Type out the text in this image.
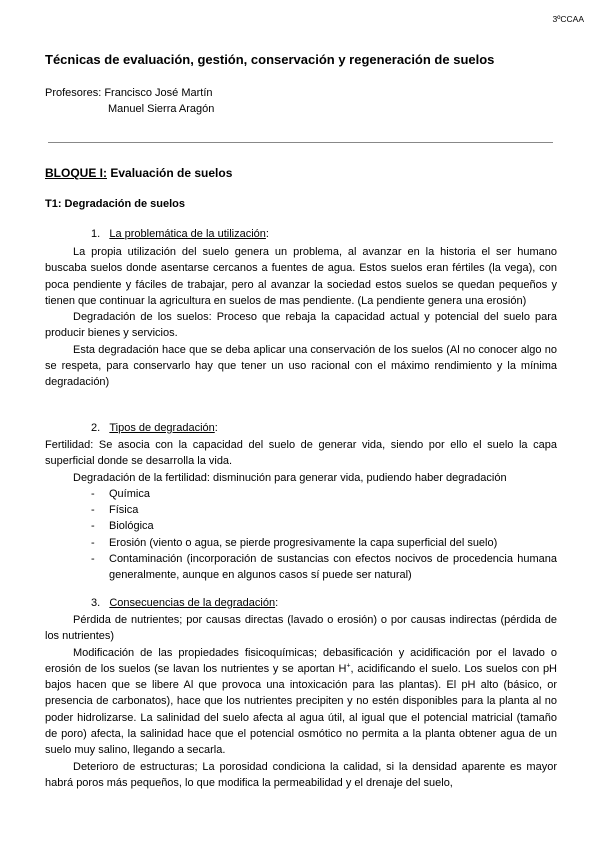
3ºCCAA
Técnicas de evaluación, gestión, conservación y regeneración de suelos
Profesores: Francisco José Martín
Manuel Sierra Aragón
BLOQUE I: Evaluación de suelos
T1: Degradación de suelos
1. La problemática de la utilización:

La propia utilización del suelo genera un problema, al avanzar en la historia el ser humano buscaba suelos donde asentarse cercanos a fuentes de agua. Estos suelos eran fértiles (la vega), con poca pendiente y fáciles de trabajar, pero al avanzar la sociedad estos suelos se quedan pequeños y tienen que continuar la agricultura en suelos de mas pendiente. (La pendiente genera una erosión)

Degradación de los suelos: Proceso que rebaja la capacidad actual y potencial del suelo para producir bienes y servicios.

Esta degradación hace que se deba aplicar una conservación de los suelos (Al no conocer algo no se respeta, para conservarlo hay que tener un uso racional con el máximo rendimiento y la mínima degradación)

2. Tipos de degradación:

Fertilidad: Se asocia con la capacidad del suelo de generar vida, siendo por ello el suelo la capa superficial donde se desarrolla la vida.

Degradación de la fertilidad: disminución para generar vida, pudiendo haber degradación

- Química
- Física
- Biológica
- Erosión (viento o agua, se pierde progresivamente la capa superficial del suelo)
- Contaminación (incorporación de sustancias con efectos nocivos de procedencia humana generalmente, aunque en algunos casos sí puede ser natural)
3. Consecuencias de la degradación:

Pérdida de nutrientes; por causas directas (lavado o erosión) o por causas indirectas (pérdida de los nutrientes)

Modificación de las propiedades fisicoquímicas; debasificación y acidificación por el lavado o erosión de los suelos (se lavan los nutrientes y se aportan H+, acidificando el suelo. Los suelos con pH bajos hacen que se libere Al que provoca una intoxicación para las plantas). El pH alto (básico, or presencia de carbonatos), hace que los nutrientes precipiten y no estén disponibles para la planta al no poder hidrolizarse. La salinidad del suelo afecta al agua útil, al igual que el potencial matricial (tamaño de poro) afecta, la salinidad hace que el potencial osmótico no permita a la planta obtener agua de un suelo muy salino, llegando a secarla.

Deterioro de estructuras; La porosidad condiciona la calidad, si la densidad aparente es mayor habrá poros más pequeños, lo que modifica la permeabilidad y el drenaje del suelo,
